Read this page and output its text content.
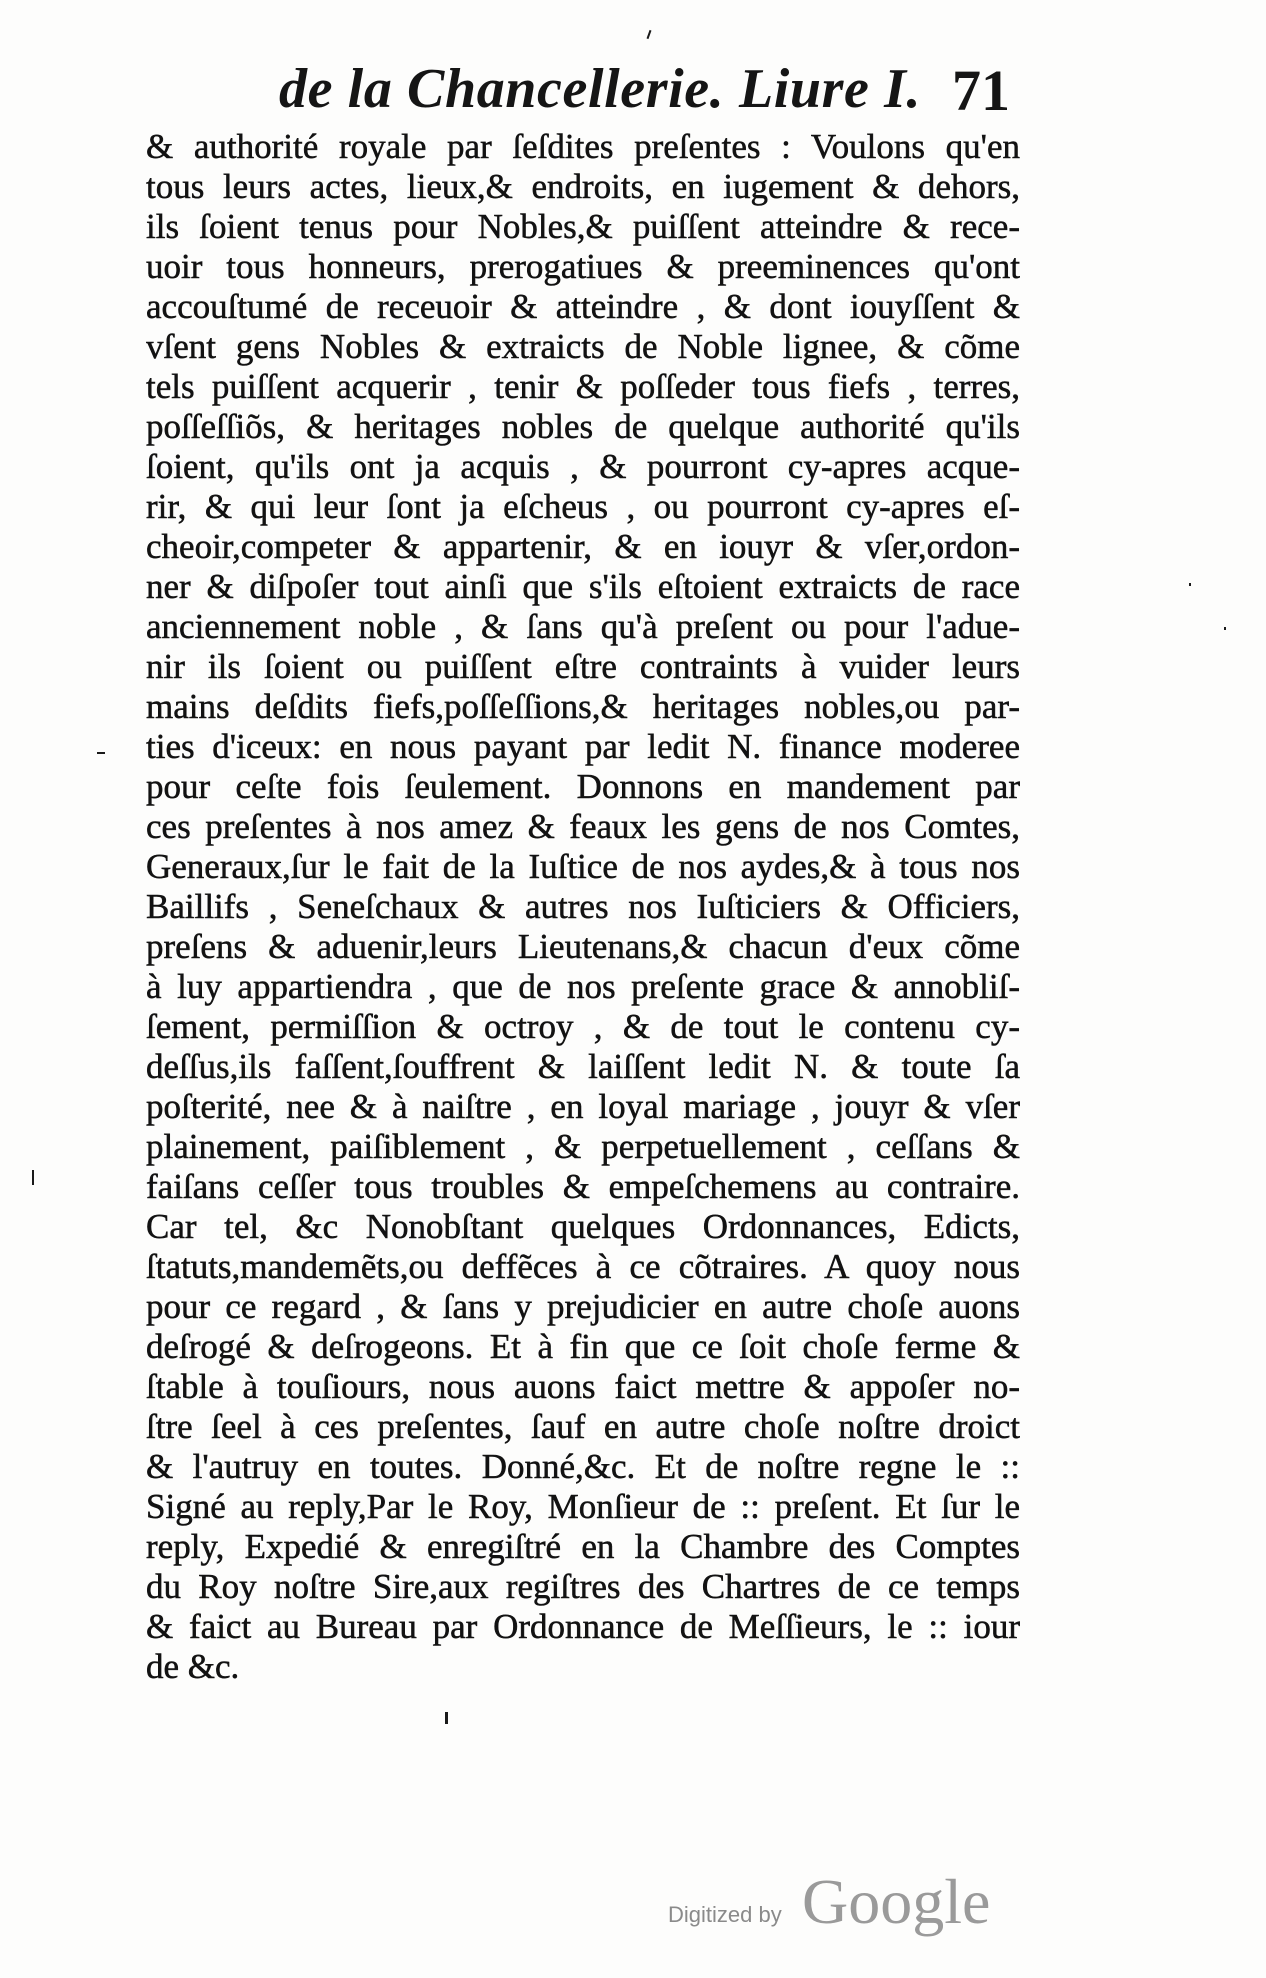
de la Chancellerie. Liure I. 71
& authorité royale par ſeſdites preſentes : Voulons qu'en
tous leurs actes, lieux,& endroits, en iugement & dehors,
ils ſoient tenus pour Nobles,& puiſſent atteindre & rece-
uoir tous honneurs, prerogatiues & preeminences qu'ont
accouſtumé de receuoir & atteindre , & dont iouyſſent &
vſent gens Nobles & extraicts de Noble lignee, & cõme
tels puiſſent acquerir , tenir & poſſeder tous fiefs , terres,
poſſeſſiõs, & heritages nobles de quelque authorité qu'ils
ſoient, qu'ils ont ja acquis , & pourront cy-apres acque-
rir, & qui leur ſont ja eſcheus , ou pourront cy-apres eſ-
cheoir,competer & appartenir, & en iouyr & vſer,ordon-
ner & diſpoſer tout ainſi que s'ils eſtoient extraicts de race
anciennement noble , & ſans qu'à preſent ou pour l'adue-
nir ils ſoient ou puiſſent eſtre contraints à vuider leurs
mains deſdits fiefs,poſſeſſions,& heritages nobles,ou par-
ties d'iceux: en nous payant par ledit N. finance moderee
pour ceſte fois ſeulement. Donnons en mandement par
ces preſentes à nos amez & feaux les gens de nos Comtes,
Generaux,ſur le fait de la Iuſtice de nos aydes,& à tous nos
Baillifs , Seneſchaux & autres nos Iuſticiers & Officiers,
preſens & aduenir,leurs Lieutenans,& chacun d'eux cõme
à luy appartiendra , que de nos preſente grace & annobliſ-
ſement, permiſſion & octroy , & de tout le contenu cy-
deſſus,ils faſſent,ſouffrent & laiſſent ledit N. & toute ſa
poſterité, nee & à naiſtre , en loyal mariage , jouyr & vſer
plainement, paiſiblement , & perpetuellement , ceſſans &
faiſans ceſſer tous troubles & empeſchemens au contraire.
Car tel, &c Nonobſtant quelques Ordonnances, Edicts,
ſtatuts,mandemẽts,ou deffẽces à ce cõtraires. A quoy nous
pour ce regard , & ſans y prejudicier en autre choſe auons
deſrogé & deſrogeons. Et à fin que ce ſoit choſe ferme &
ſtable à touſiours, nous auons faict mettre & appoſer no-
ſtre ſeel à ces preſentes, ſauf en autre choſe noſtre droict
& l'autruy en toutes. Donné,&c. Et de noſtre regne le ::
Signé au reply,Par le Roy, Monſieur de :: preſent. Et ſur le
reply, Expedié & enregiſtré en la Chambre des Comptes
du Roy noſtre Sire,aux regiſtres des Chartres de ce temps
& faict au Bureau par Ordonnance de Meſſieurs, le :: iour
de &c.
Digitized by Google
